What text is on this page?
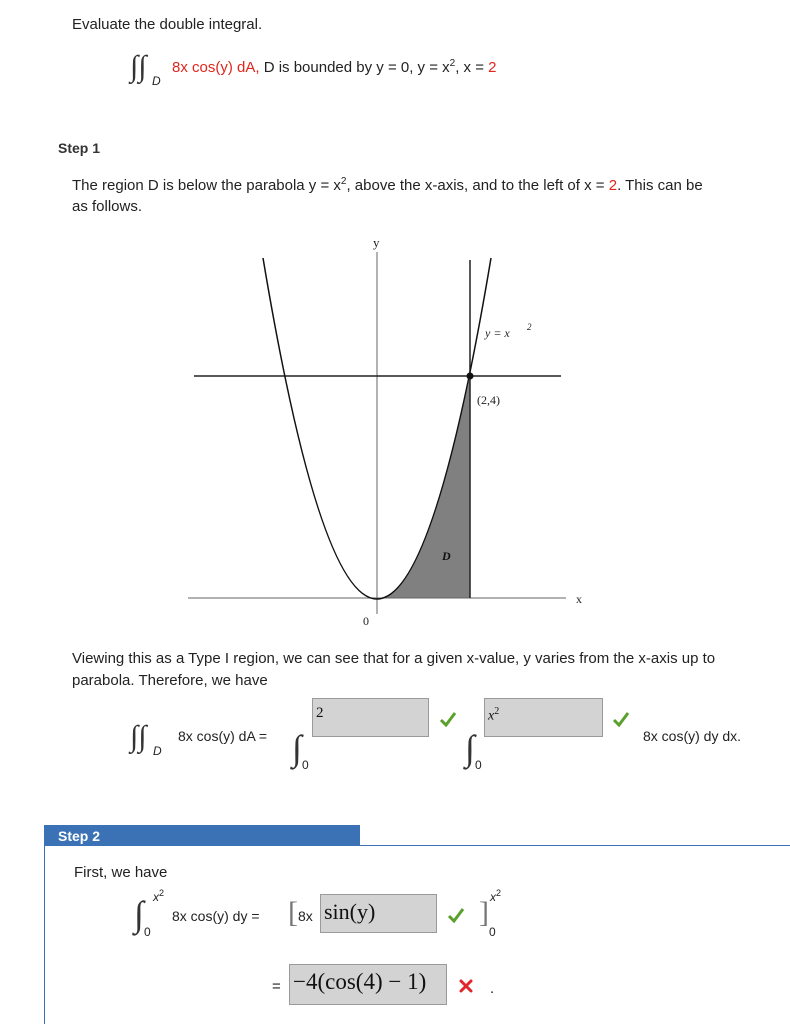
Evaluate the double integral.
∫∫ D
8x cos(y) dA, D is bounded by y = 0, $y = x^2$, x = 2
Step 1
The region D is below the parabola $y = x^2$, above the x-axis, and to the left of x = 2. This can be
as follows.
y
x
0
y = x 2
(2,4)
D
Viewing this as a Type I region, we can see that for a given x-value, y varies from the x-axis up to
parabola. Therefore, we have
∫∫ D
8x cos(y) dA = ∫ 0
2
∫ 0
$x^2$
8x cos(y) dy dx.
Step 2
First, we have
∫ $x^2$
0
8x cos(y) dy = [ 8x sin(y)	] $x^2$
0
= −4(cos(4) − 1)	.
